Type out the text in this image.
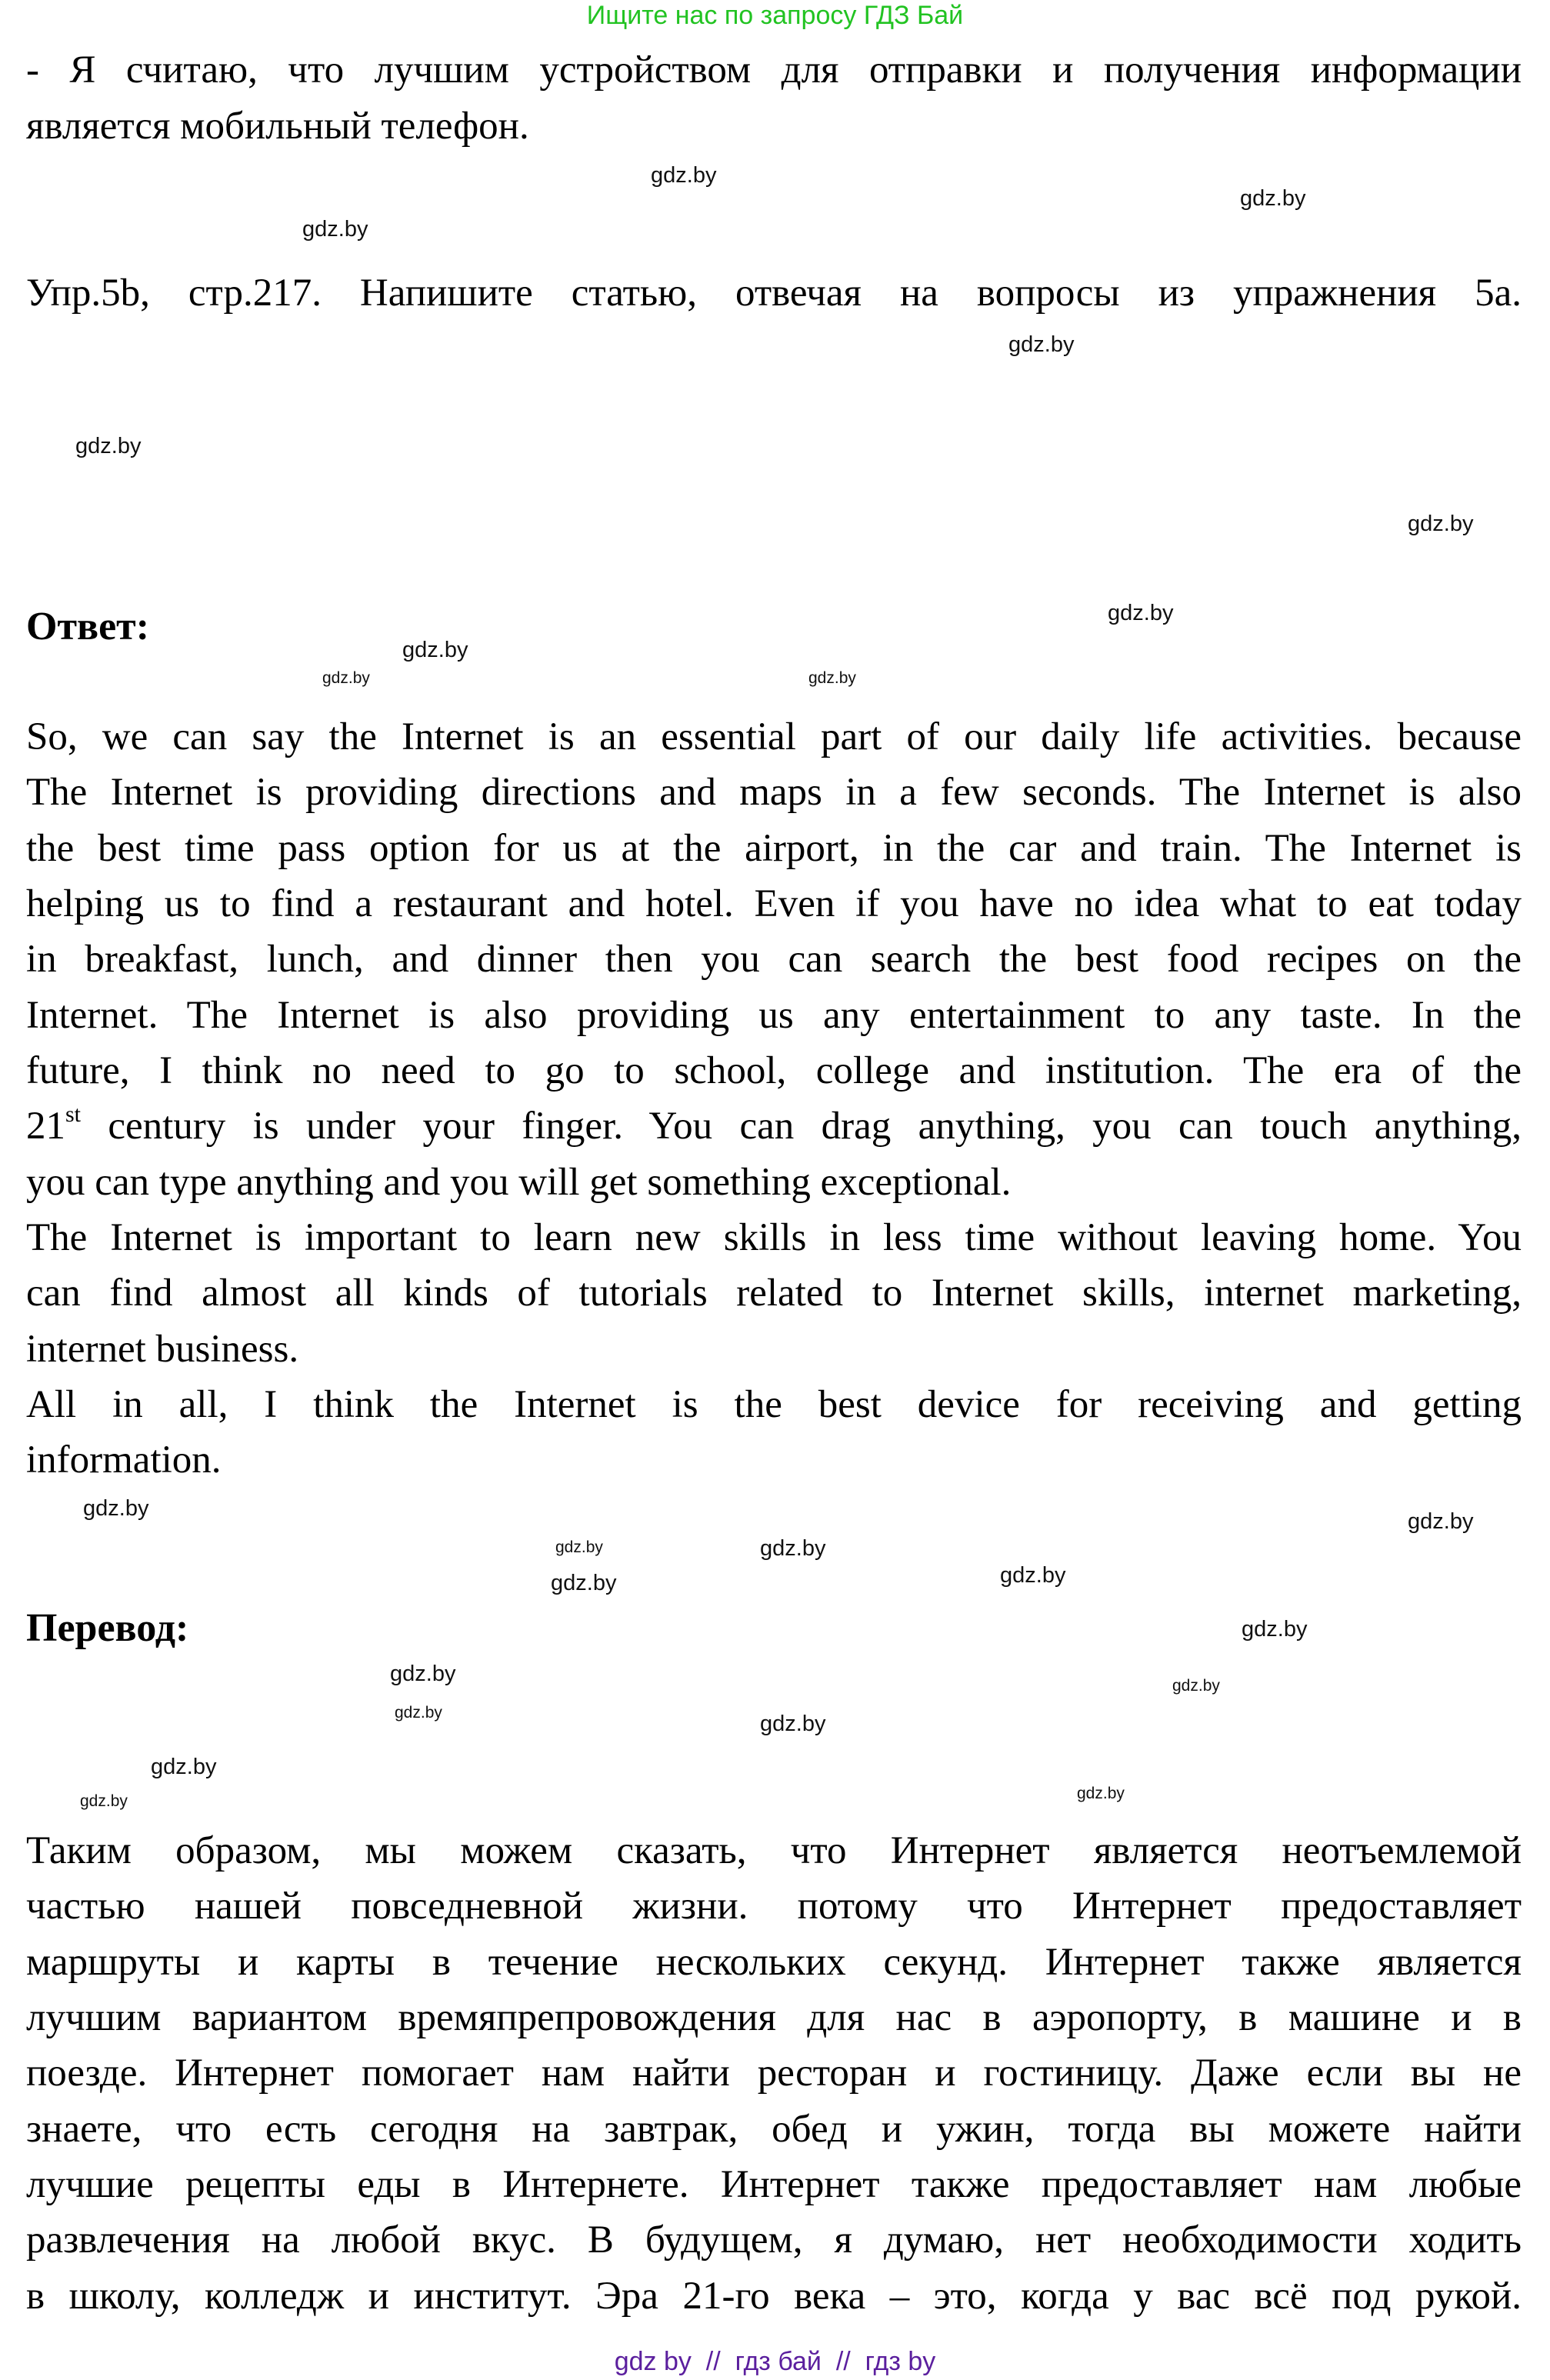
Ищите нас по запросу ГДЗ Бай
- Я считаю, что лучшим устройством для отправки и получения информации
является мобильный телефон.
Упр.5b, стр.217. Напишите статью, отвечая на вопросы из упражнения 5а.
Ответ:
So, we can say the Internet is an essential part of our daily life activities. because
The Internet is providing directions and maps in a few seconds. The Internet is also
the best time pass option for us at the airport, in the car and train. The Internet is
helping us to find a restaurant and hotel. Even if you have no idea what to eat today
in breakfast, lunch, and dinner then you can search the best food recipes on the
Internet. The Internet is also providing us any entertainment to any taste. In the
future, I think no need to go to school, college and institution. The era of the
21st century is under your finger. You can drag anything, you can touch anything,
you can type anything and you will get something exceptional.
The Internet is important to learn new skills in less time without leaving home. You
can find almost all kinds of tutorials related to Internet skills, internet marketing,
internet business.
All in all, I think the Internet is the best device for receiving and getting
information.
Перевод:
Таким образом, мы можем сказать, что Интернет является неотъемлемой
частью нашей повседневной жизни. потому что Интернет предоставляет
маршруты и карты в течение нескольких секунд. Интернет также является
лучшим вариантом времяпрепровождения для нас в аэропорту, в машине и в
поезде. Интернет помогает нам найти ресторан и гостиницу. Даже если вы не
знаете, что есть сегодня на завтрак, обед и ужин, тогда вы можете найти
лучшие рецепты еды в Интернете. Интернет также предоставляет нам любые
развлечения на любой вкус. В будущем, я думаю, нет необходимости ходить
в школу, колледж и институт. Эра 21-го века – это, когда у вас всё под рукой.
gdz.by
gdz.by
gdz.by
gdz.by
gdz.by
gdz.by
gdz.by
gdz.by
gdz.by
gdz.by
gdz.by
gdz.by
gdz.by
gdz.by
gdz.by
gdz.by
gdz.by
gdz.by
gdz.by
gdz.by
gdz.by
gdz.by	gdz.by
gdz.by
gdz by  //  гдз бай  //  гдз by
